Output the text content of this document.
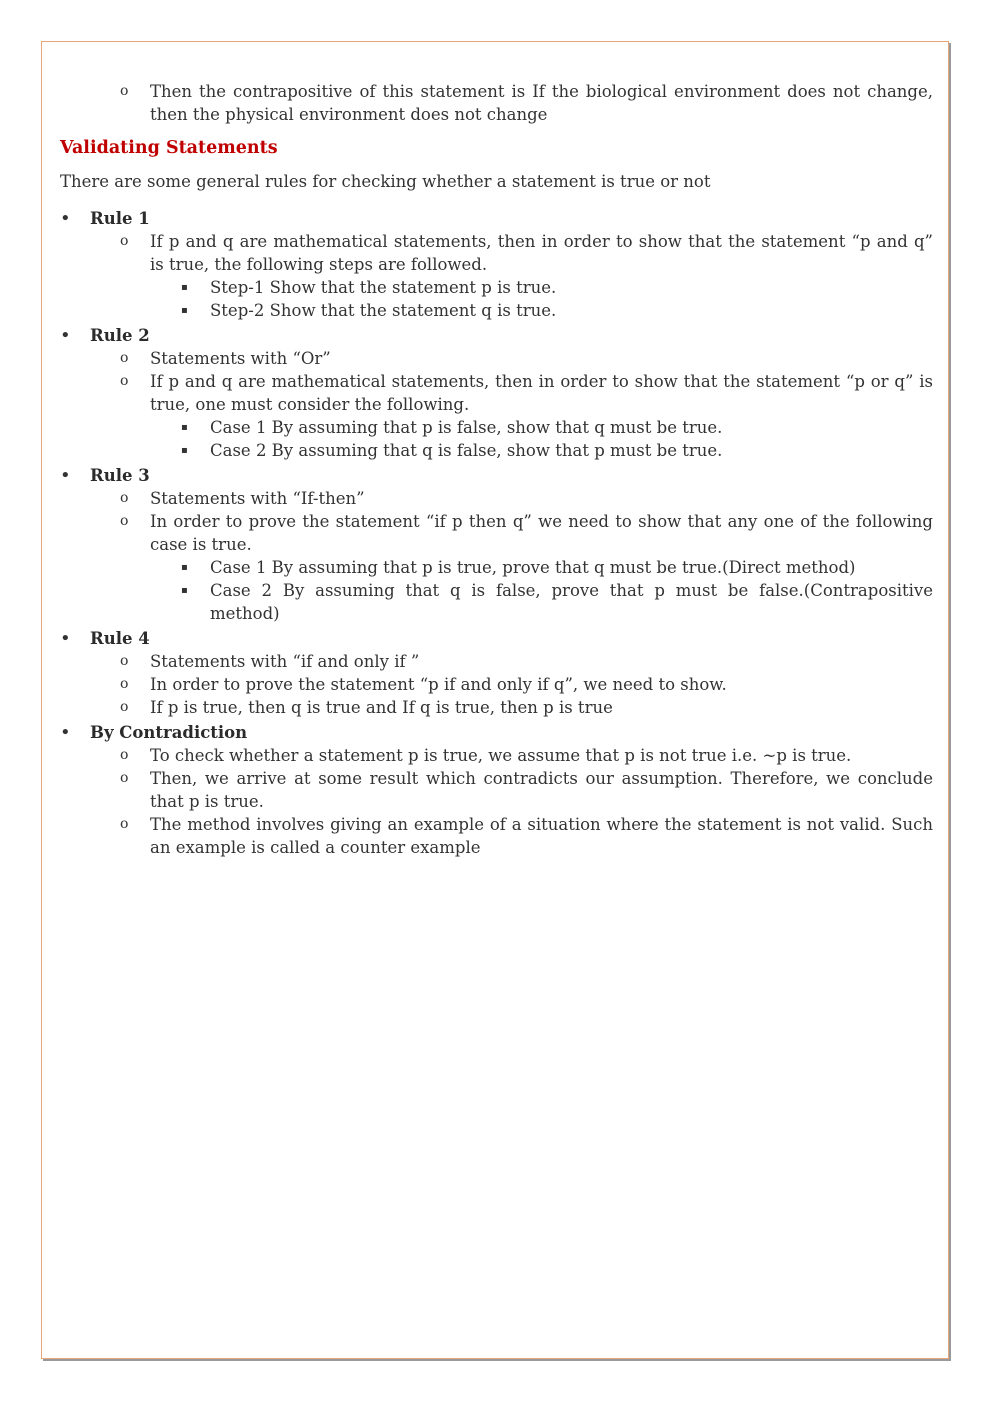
o Then the contrapositive of this statement is If the biological environment does not change, then the physical environment does not change
Validating Statements
There are some general rules for checking whether a statement is true or not
• Rule 1
o If p and q are mathematical statements, then in order to show that the statement “p and q” is true, the following steps are followed.
▪ Step-1 Show that the statement p is true.
▪ Step-2 Show that the statement q is true.
• Rule 2
o Statements with “Or”
o If p and q are mathematical statements, then in order to show that the statement “p or q” is true, one must consider the following.
▪ Case 1 By assuming that p is false, show that q must be true.
▪ Case 2 By assuming that q is false, show that p must be true.
• Rule 3
o Statements with “If-then”
o In order to prove the statement “if p then q” we need to show that any one of the following case is true.
▪ Case 1 By assuming that p is true, prove that q must be true.(Direct method)
▪ Case 2 By assuming that q is false, prove that p must be false.(Contrapositive method)
• Rule 4
o Statements with “if and only if ”
o In order to prove the statement “p if and only if q”, we need to show.
o If p is true, then q is true and If q is true, then p is true
• By Contradiction
o To check whether a statement p is true, we assume that p is not true i.e. ~p is true.
o Then, we arrive at some result which contradicts our assumption. Therefore, we conclude that p is true.
o The method involves giving an example of a situation where the statement is not valid. Such an example is called a counter example
